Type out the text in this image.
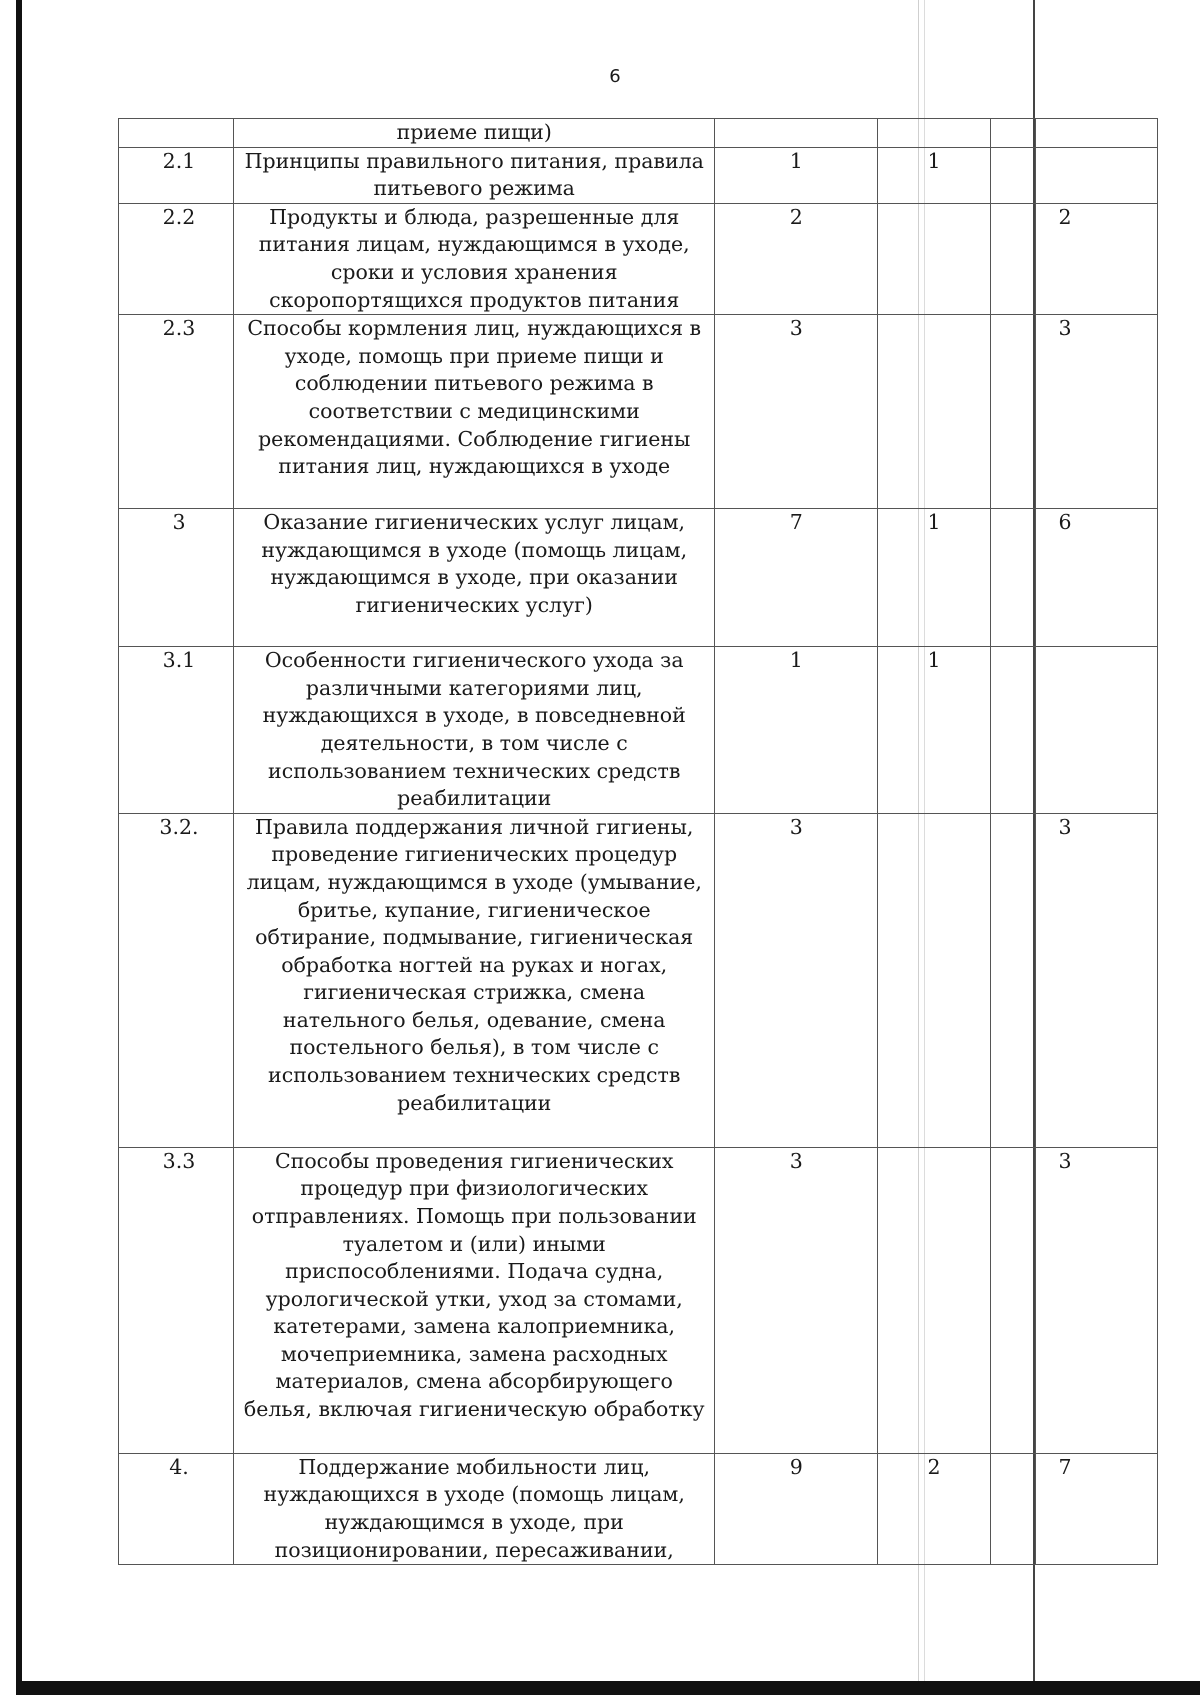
6
	приеме пищи)				
2.1	Принципы правильного питания, правила питьевого режима	1	1		
2.2	Продукты и блюда, разрешенные для питания лицам, нуждающимся в уходе, сроки и условия хранения скоропортящихся продуктов питания	2			2
2.3	Способы кормления лиц, нуждающихся в уходе, помощь при приеме пищи и соблюдении питьевого режима в соответствии с медицинскими рекомендациями. Соблюдение гигиены питания лиц, нуждающихся в уходе	3			3
3	Оказание гигиенических услуг лицам, нуждающимся в уходе (помощь лицам, нуждающимся в уходе, при оказании гигиенических услуг)	7	1		6
3.1	Особенности гигиенического ухода за различными категориями лиц, нуждающихся в уходе, в повседневной деятельности, в том числе с использованием технических средств реабилитации	1	1		
3.2.	Правила поддержания личной гигиены, проведение гигиенических процедур лицам, нуждающимся в уходе (умывание, бритье, купание, гигиеническое обтирание, подмывание, гигиеническая обработка ногтей на руках и ногах, гигиеническая стрижка, смена нательного белья, одевание, смена постельного белья), в том числе с использованием технических средств реабилитации	3			3
3.3	Способы проведения гигиенических процедур при физиологических отправлениях. Помощь при пользовании туалетом и (или) иными приспособлениями. Подача судна, урологической утки, уход за стомами, катетерами, замена калоприемника, мочеприемника, замена расходных материалов, смена абсорбирующего белья, включая гигиеническую обработку	3			3
4.	Поддержание мобильности лиц, нуждающихся в уходе (помощь лицам, нуждающимся в уходе, при позиционировании, пересаживании,	9	2		7
